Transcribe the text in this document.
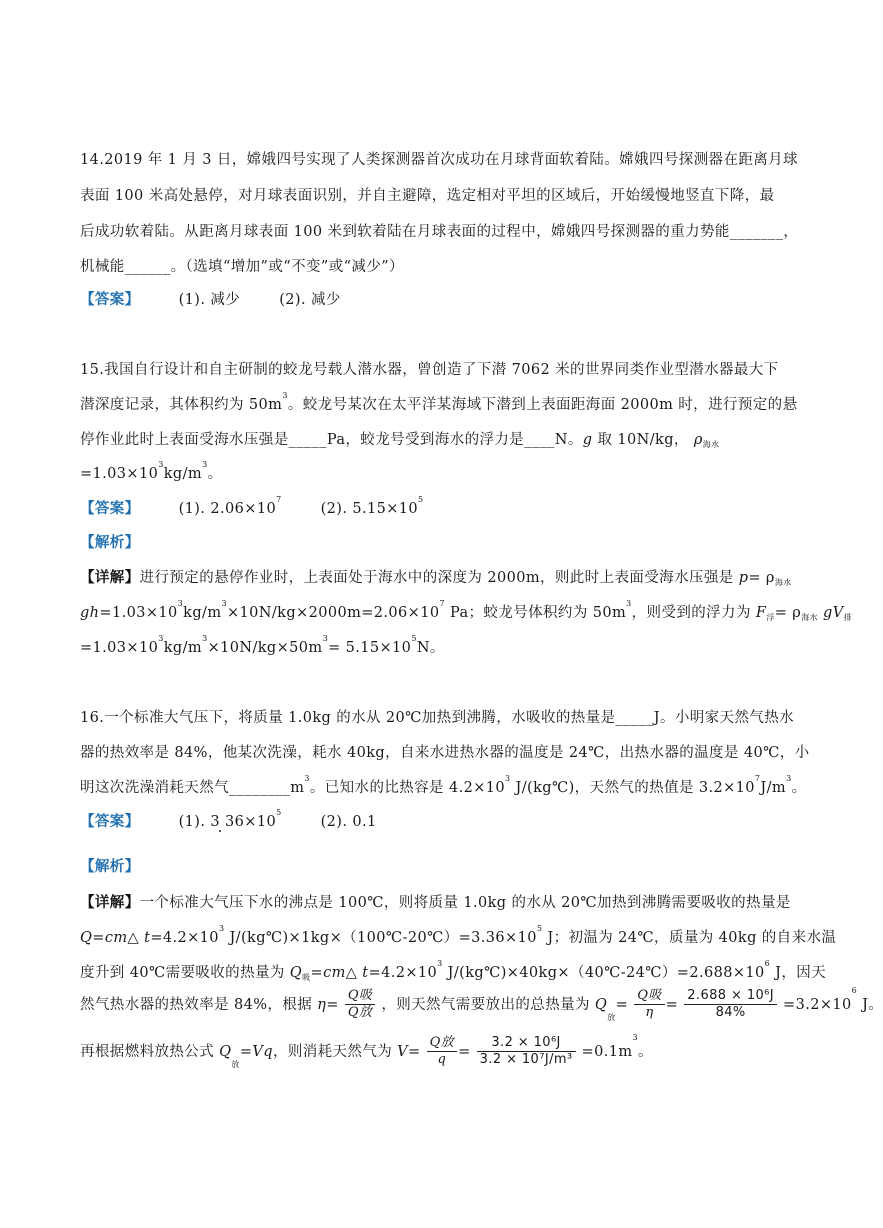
14.2019 年 1 月 3 日，嫦娥四号实现了人类探测器首次成功在月球背面软着陆。嫦娥四号探测器在距离月球
表面 100 米高处悬停，对月球表面识别，并自主避障，选定相对平坦的区域后，开始缓慢地竖直下降，最
后成功软着陆。从距离月球表面 100 米到软着陆在月球表面的过程中，嫦娥四号探测器的重力势能_______，
机械能______。（选填“增加”或“不变”或“减少”）
【答案】	(1). 减少	(2). 减少
15.我国自行设计和自主研制的蛟龙号载人潜水器，曾创造了下潜 7062 米的世界同类作业型潜水器最大下
潜深度记录，其体积约为 $50m^3$。蛟龙号某次在太平洋某海域下潜到上表面距海面 2000m 时，进行预定的悬
停作业此时上表面受海水压强是_____Pa，蛟龙号受到海水的浮力是____N。g 取 10N/kg， $\rho_{海水}$
$=1.03\times 10^3kg/m^3$。
【答案】	(1). $2.06\times 10^7$ (2). $5.15\times 10^5$
【解析】
【详解】进行预定的悬停作业时，上表面处于海水中的深度为 2000m，则此时上表面受海水压强是 $p= \rho_{海水}$
$gh=1.03\times 10^3kg/m^3\times 10N/kg\times 2000m=2.06\times 10^7$ Pa；蛟龙号体积约为 $50m^3$，则受到的浮力为 $F_浮= \rho_{海水}$ $gV_排$
$=1.03\times 10^3kg/m^3\times 10N/kg\times 50m^3= 5.15\times 10^5N$。
16.一个标准大气压下，将质量 1.0kg 的水从 20℃加热到沸腾，水吸收的热量是_____J。小明家天然气热水
器的热效率是 84%，他某次洗澡，耗水 40kg，自来水进热水器的温度是 24℃，出热水器的温度是 40℃，小
明这次洗澡消耗天然气$\_\_\_\_\_\_\_\_m^3$。已知水的比热容是 $4.2\times 10^3$ J/(kg℃)，天然气的热值是 $3.2\times 10^7J/m^3$。
【答案】	(1). 3 $36\times 10^5$ (2). 0.1
【解析】
【详解】一个标准大气压下水的沸点是 100℃，则将质量 1.0kg 的水从 20℃加热到沸腾需要吸收的热量是
Q=cm△ $t=4.2\times 10^3$ $J/(kg℃)\times 1kg\times(100℃-20℃)=3.36\times 10^5$ J；初温为 24℃，质量为 40kg 的自来水温
度升到 40℃需要吸收的热量为 $Q_吸=cm\triangle$ $t=4.2\times 10^3$ $J/(kg℃)\times 40kg\times(40℃-24℃)=2.688\times 10^6$ J，因天
然气热水器的热效率是 84%，根据 $\eta= \frac{\text{Q吸}}{\text{Q放}}$ ，则天然气需要放出的总热量为 $Q_放= \frac{\text{Q吸}}{\eta} = \frac{\text{2.688 × 10⁶J}}{84\%} =3.2\times 10^6$ J。
再根据燃料放热公式 $Q_放=Vq$，则消耗天然气为 $V= \frac{\text{Q放}}{q} = \frac{\text{3.2 × 10⁶J}}{\text{3.2 × 10⁷J/m³}} =0.1m^3$。
